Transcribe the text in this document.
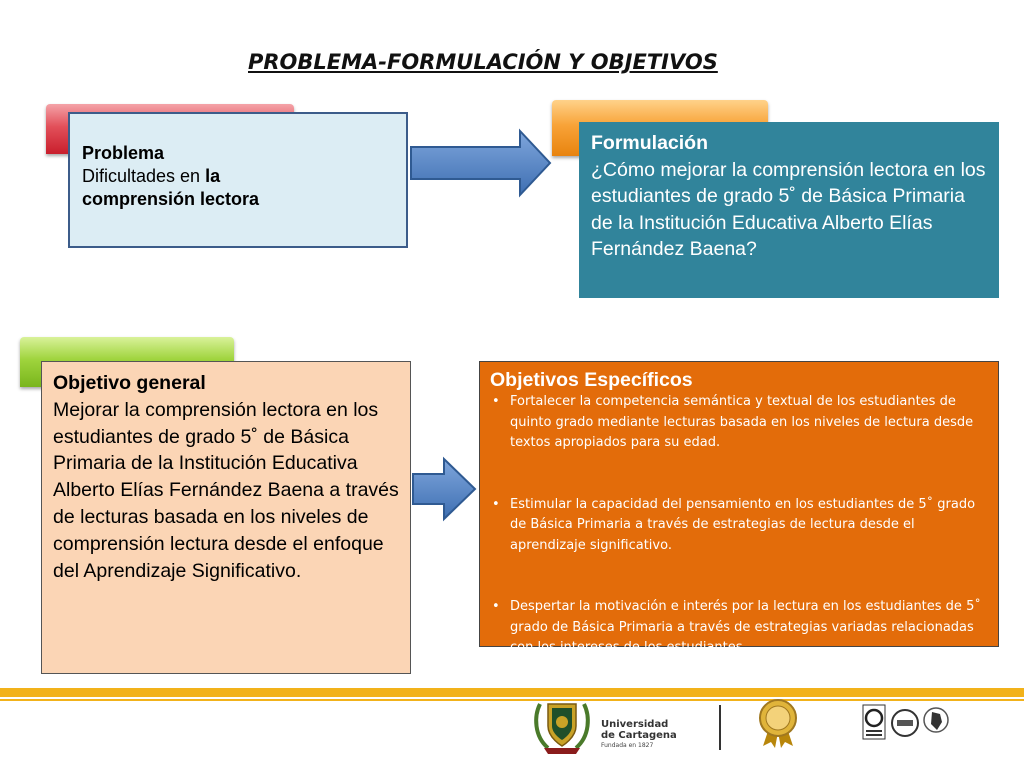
PROBLEMA-FORMULACIÓN Y OBJETIVOS
Problema
Dificultades en la
comprensión lectora
Formulación
¿Cómo mejorar la comprensión lectora en los estudiantes de grado 5˚ de Básica Primaria de la Institución Educativa Alberto Elías Fernández Baena?
Objetivo general
Mejorar la comprensión lectora en los estudiantes de grado 5˚ de Básica Primaria de la Institución Educativa Alberto Elías Fernández Baena a través de lecturas basada en los niveles de comprensión lectura desde el enfoque del Aprendizaje Significativo.
Objetivos Específicos
• Fortalecer la competencia semántica y textual de los estudiantes de quinto grado mediante lecturas basada en los niveles de lectura desde textos apropiados para su edad.
• Estimular la capacidad del pensamiento en los estudiantes de 5˚ grado de Básica Primaria a través de estrategias de lectura desde el aprendizaje significativo.
• Despertar la motivación e interés por la lectura en los estudiantes de 5˚ grado de Básica Primaria a través de estrategias variadas relacionadas con los intereses de los estudiantes.
Universidad
de Cartagena
Fundada en 1827
